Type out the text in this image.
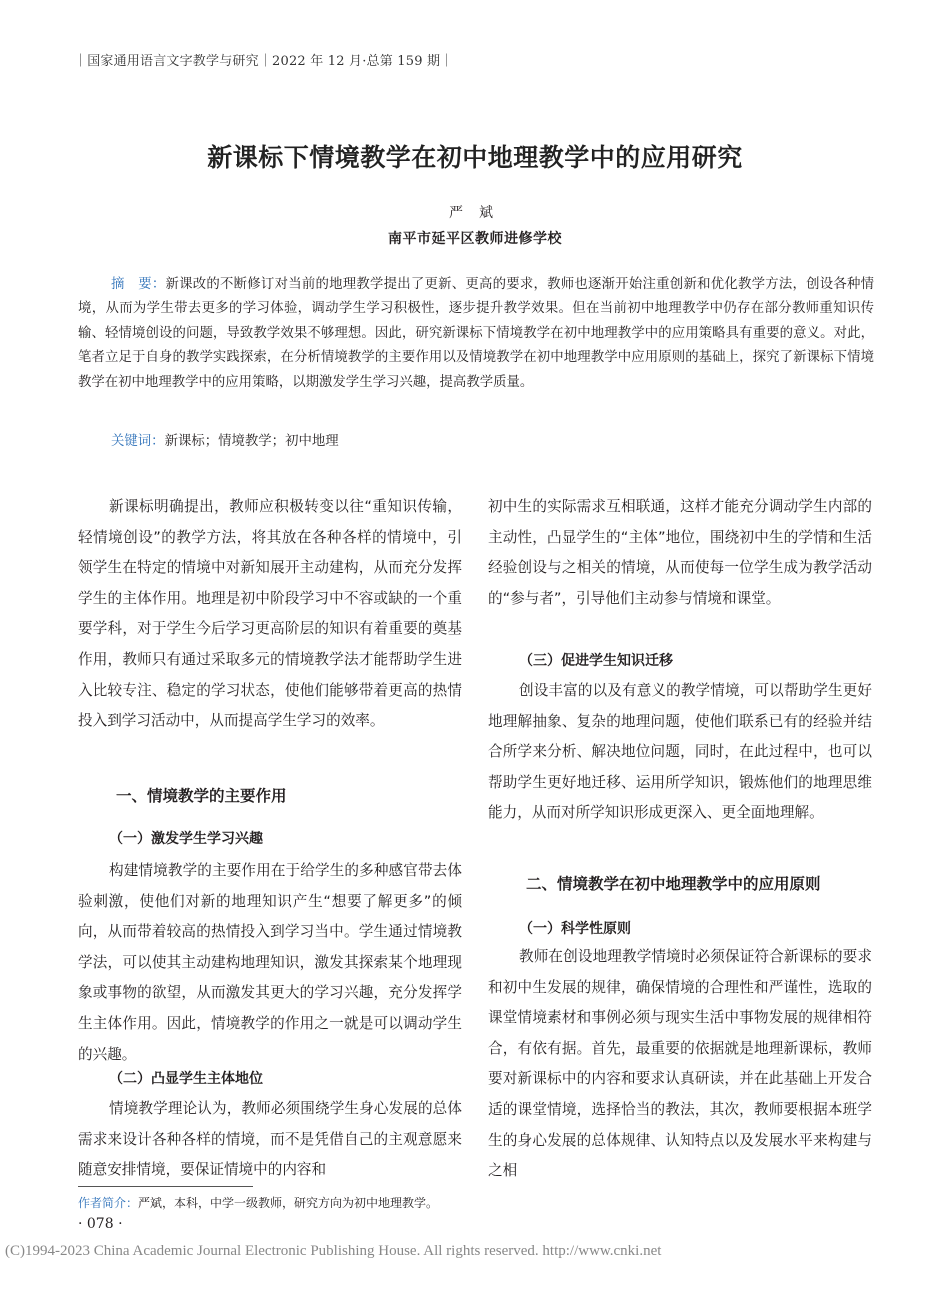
｜国家通用语言文字教学与研究｜2022 年 12 月·总第 159 期｜
新课标下情境教学在初中地理教学中的应用研究
严斌
南平市延平区教师进修学校
摘　要：新课改的不断修订对当前的地理教学提出了更新、更高的要求，教师也逐渐开始注重创新和优化教学方法，创设各种情境，从而为学生带去更多的学习体验，调动学生学习积极性，逐步提升教学效果。但在当前初中地理教学中仍存在部分教师重知识传输、轻情境创设的问题，导致教学效果不够理想。因此，研究新课标下情境教学在初中地理教学中的应用策略具有重要的意义。对此，笔者立足于自身的教学实践探索，在分析情境教学的主要作用以及情境教学在初中地理教学中应用原则的基础上，探究了新课标下情境教学在初中地理教学中的应用策略，以期激发学生学习兴趣，提高教学质量。
关键词：新课标；情境教学；初中地理

新课标明确提出，教师应积极转变以往“重知识传输，轻情境创设”的教学方法，将其放在各种各样的情境中，引领学生在特定的情境中对新知展开主动建构，从而充分发挥学生的主体作用。地理是初中阶段学习中不容或缺的一个重要学科，对于学生今后学习更高阶层的知识有着重要的奠基作用，教师只有通过采取多元的情境教学法才能帮助学生进入比较专注、稳定的学习状态，使他们能够带着更高的热情投入到学习活动中，从而提高学生学习的效率。

一、情境教学的主要作用
（一）激发学生学习兴趣

构建情境教学的主要作用在于给学生的多种感官带去体验刺激，使他们对新的地理知识产生“想要了解更多”的倾向，从而带着较高的热情投入到学习当中。学生通过情境教学法，可以使其主动建构地理知识，激发其探索某个地理现象或事物的欲望，从而激发其更大的学习兴趣，充分发挥学生主体作用。因此，情境教学的作用之一就是可以调动学生的兴趣。

（二）凸显学生主体地位

情境教学理论认为，教师必须围绕学生身心发展的总体需求来设计各种各样的情境，而不是凭借自己的主观意愿来随意安排情境，要保证情境中的内容和

初中生的实际需求互相联通，这样才能充分调动学生内部的主动性，凸显学生的“主体”地位，围绕初中生的学情和生活经验创设与之相关的情境，从而使每一位学生成为教学活动的“参与者”，引导他们主动参与情境和课堂。

（三）促进学生知识迁移

创设丰富的以及有意义的教学情境，可以帮助学生更好地理解抽象、复杂的地理问题，使他们联系已有的经验并结合所学来分析、解决地位问题，同时，在此过程中，也可以帮助学生更好地迁移、运用所学知识，锻炼他们的地理思维能力，从而对所学知识形成更深入、更全面地理解。

二、情境教学在初中地理教学中的应用原则
（一）科学性原则

教师在创设地理教学情境时必须保证符合新课标的要求和初中生发展的规律，确保情境的合理性和严谨性，选取的课堂情境素材和事例必须与现实生活中事物发展的规律相符合，有依有据。首先，最重要的依据就是地理新课标，教师要对新课标中的内容和要求认真研读，并在此基础上开发合适的课堂情境，选择恰当的教法，其次，教师要根据本班学生的身心发展的总体规律、认知特点以及发展水平来构建与之相

作者简介：严斌，本科，中学一级教师，研究方向为初中地理教学。
· 078 ·
(C)1994-2023 China Academic Journal Electronic Publishing House. All rights reserved. http://www.cnki.net
